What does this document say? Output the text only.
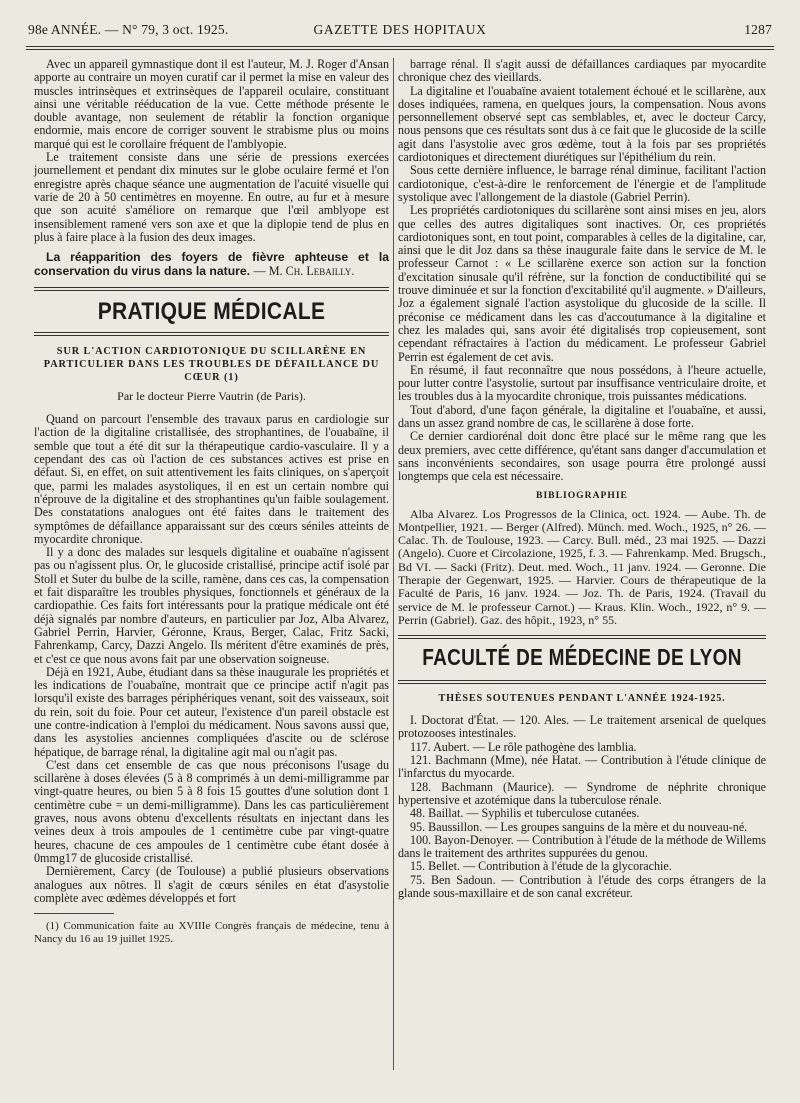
98e ANNÉE. — N° 79, 3 oct. 1925.	GAZETTE DES HOPITAUX	1287

Avec un appareil gymnastique dont il est l'auteur, M. J. Roger d'Ansan apporte au contraire un moyen curatif car il permet la mise en valeur des muscles intrinsèques et extrinsèques de l'appareil oculaire, constituant ainsi une véritable rééducation de la vue. Cette méthode présente le double avantage, non seulement de rétablir la fonction organique endormie, mais encore de corriger souvent le strabisme plus ou moins marqué qui est le corollaire fréquent de l'amblyopie.

Le traitement consiste dans une série de pressions exercées journellement et pendant dix minutes sur le globe oculaire fermé et l'on enregistre après chaque séance une augmentation de l'acuité visuelle qui varie de 20 à 50 centimètres en moyenne. En outre, au fur et à mesure que son acuité s'améliore on remarque que l'œil amblyope est insensiblement ramené vers son axe et que la diplopie tend de plus en plus à faire place à la fusion des deux images.

La réapparition des foyers de fièvre aphteuse et la conservation du virus dans la nature. — M. Ch. Lebailly.

PRATIQUE MÉDICALE
SUR L'ACTION CARDIOTONIQUE DU SCILLARÈNE EN PARTICULIER DANS LES TROUBLES DE DÉFAILLANCE DU CŒUR (1)
Par le docteur Pierre Vautrin (de Paris).

Quand on parcourt l'ensemble des travaux parus en cardiologie sur l'action de la digitaline cristallisée, des strophantines, de l'ouabaïne, il semble que tout a été dit sur la thérapeutique cardio-vasculaire. Il y a cependant des cas où l'action de ces substances actives est prise en défaut. Si, en effet, on suit attentivement les faits cliniques, on s'aperçoit que, parmi les malades asystoliques, il en est un certain nombre qui n'éprouve de la digitaline et des strophantines qu'un faible soulagement. Des constatations analogues ont été faites dans le traitement des symptômes de défaillance apparaissant sur des cœurs séniles atteints de myocardite chronique.

Il y a donc des malades sur lesquels digitaline et ouabaïne n'agissent pas ou n'agissent plus. Or, le glucoside cristallisé, principe actif isolé par Stoll et Suter du bulbe de la scille, ramène, dans ces cas, la compensation et fait disparaître les troubles physiques, fonctionnels et généraux de la cardiopathie. Ces faits fort intéressants pour la pratique médicale ont été déjà signalés par nombre d'auteurs, en particulier par Joz, Alba Alvarez, Gabriel Perrin, Harvier, Géronne, Kraus, Berger, Calac, Fritz Sacki, Fahrenkamp, Carcy, Dazzi Angelo. Ils méritent d'être examinés de près, et c'est ce que nous avons fait par une observation soigneuse.

Déjà en 1921, Aube, étudiant dans sa thèse inaugurale les propriétés et les indications de l'ouabaïne, montrait que ce principe actif n'agit pas lorsqu'il existe des barrages périphériques venant, soit des vaisseaux, soit du rein, soit du foie. Pour cet auteur, l'existence d'un pareil obstacle est une contre-indication à l'emploi du médicament. Nous savons aussi que, dans les asystolies anciennes compliquées d'ascite ou de sclérose hépatique, de barrage rénal, la digitaline agit mal ou n'agit pas.

C'est dans cet ensemble de cas que nous préconisons l'usage du scillarène à doses élevées (5 à 8 comprimés à un demi-milligramme par vingt-quatre heures, ou bien 5 à 8 fois 15 gouttes d'une solution dont 1 centimètre cube = un demi-milligramme). Dans les cas particulièrement graves, nous avons obtenu d'excellents résultats en injectant dans les veines deux à trois ampoules de 1 centimètre cube par vingt-quatre heures, chacune de ces ampoules de 1 centimètre cube étant dosée à 0mmg17 de glucoside cristallisé.

Dernièrement, Carcy (de Toulouse) a publié plusieurs observations analogues aux nôtres. Il s'agit de cœurs séniles en état d'asystolie complète avec œdèmes développés et fort

(1) Communication faite au XVIIIe Congrès français de médecine, tenu à Nancy du 16 au 19 juillet 1925.

barrage rénal. Il s'agit aussi de défaillances cardiaques par myocardite chronique chez des vieillards.

La digitaline et l'ouabaïne avaient totalement échoué et le scillarène, aux doses indiquées, ramena, en quelques jours, la compensation. Nous avons personnellement observé sept cas semblables, et, avec le docteur Carcy, nous pensons que ces résultats sont dus à ce fait que le glucoside de la scille agit dans l'asystolie avec gros œdème, tout à la fois par ses propriétés cardiotoniques et directement diurétiques sur l'épithélium du rein.

Sous cette dernière influence, le barrage rénal diminue, facilitant l'action cardiotonique, c'est-à-dire le renforcement de l'énergie et de l'amplitude systolique avec l'allongement de la diastole (Gabriel Perrin).

Les propriétés cardiotoniques du scillarène sont ainsi mises en jeu, alors que celles des autres digitaliques sont inactives. Or, ces propriétés cardiotoniques sont, en tout point, comparables à celles de la digitaline, car, ainsi que le dit Joz dans sa thèse inaugurale faite dans le service de M. le professeur Carnot : « Le scillarène exerce son action sur la fonction d'excitation sinusale qu'il réfrène, sur la fonction de conductibilité qui se trouve diminuée et sur la fonction d'excitabilité qu'il augmente. » D'ailleurs, Joz a également signalé l'action asystolique du glucoside de la scille. Il préconise ce médicament dans les cas d'accoutumance à la digitaline et chez les malades qui, sans avoir été digitalisés trop copieusement, sont cependant réfractaires à l'action du médicament. Le professeur Gabriel Perrin est également de cet avis.

En résumé, il faut reconnaître que nous possédons, à l'heure actuelle, pour lutter contre l'asystolie, surtout par insuffisance ventriculaire droite, et les troubles dus à la myocardite chronique, trois puissantes médications.

Tout d'abord, d'une façon générale, la digitaline et l'ouabaïne, et aussi, dans un assez grand nombre de cas, le scillarène à dose forte.

Ce dernier cardiorénal doit donc être placé sur le même rang que les deux premiers, avec cette différence, qu'étant sans danger d'accumulation et sans inconvénients secondaires, son usage pourra être prolongé aussi longtemps que cela est nécessaire.

BIBLIOGRAPHIE

Alba Alvarez. Los Progressos de la Clinica, oct. 1924. — Aube. Th. de Montpellier, 1921. — Berger (Alfred). Münch. med. Woch., 1925, n° 26. — Calac. Th. de Toulouse, 1923. — Carcy. Bull. méd., 23 mai 1925. — Dazzi (Angelo). Cuore et Circolazione, 1925, f. 3. — Fahrenkamp. Med. Brugsch., Bd VI. — Sacki (Fritz). Deut. med. Woch., 11 janv. 1924. — Geronne. Die Therapie der Gegenwart, 1925. — Harvier. Cours de thérapeutique de la Faculté de Paris, 16 janv. 1924. — Joz. Th. de Paris, 1924. (Travail du service de M. le professeur Carnot.) — Kraus. Klin. Woch., 1922, n° 9. — Perrin (Gabriel). Gaz. des hôpit., 1923, n° 55.

FACULTÉ DE MÉDECINE DE LYON
THÈSES SOUTENUES PENDANT L'ANNÉE 1924-1925.

I. Doctorat d'État. — 120. Ales. — Le traitement arsenical de quelques protozooses intestinales.

117. Aubert. — Le rôle pathogène des lamblia.

121. Bachmann (Mme), née Hatat. — Contribution à l'étude clinique de l'infarctus du myocarde.

128. Bachmann (Maurice). — Syndrome de néphrite chronique hypertensive et azotémique dans la tuberculose rénale.

48. Baillat. — Syphilis et tuberculose cutanées.

95. Baussillon. — Les groupes sanguins de la mère et du nouveau-né.

100. Bayon-Denoyer. — Contribution à l'étude de la méthode de Willems dans le traitement des arthrites suppurées du genou.

15. Bellet. — Contribution à l'étude de la glycorachie.

75. Ben Sadoun. — Contribution à l'étude des corps étrangers de la glande sous-maxillaire et de son canal excréteur.
